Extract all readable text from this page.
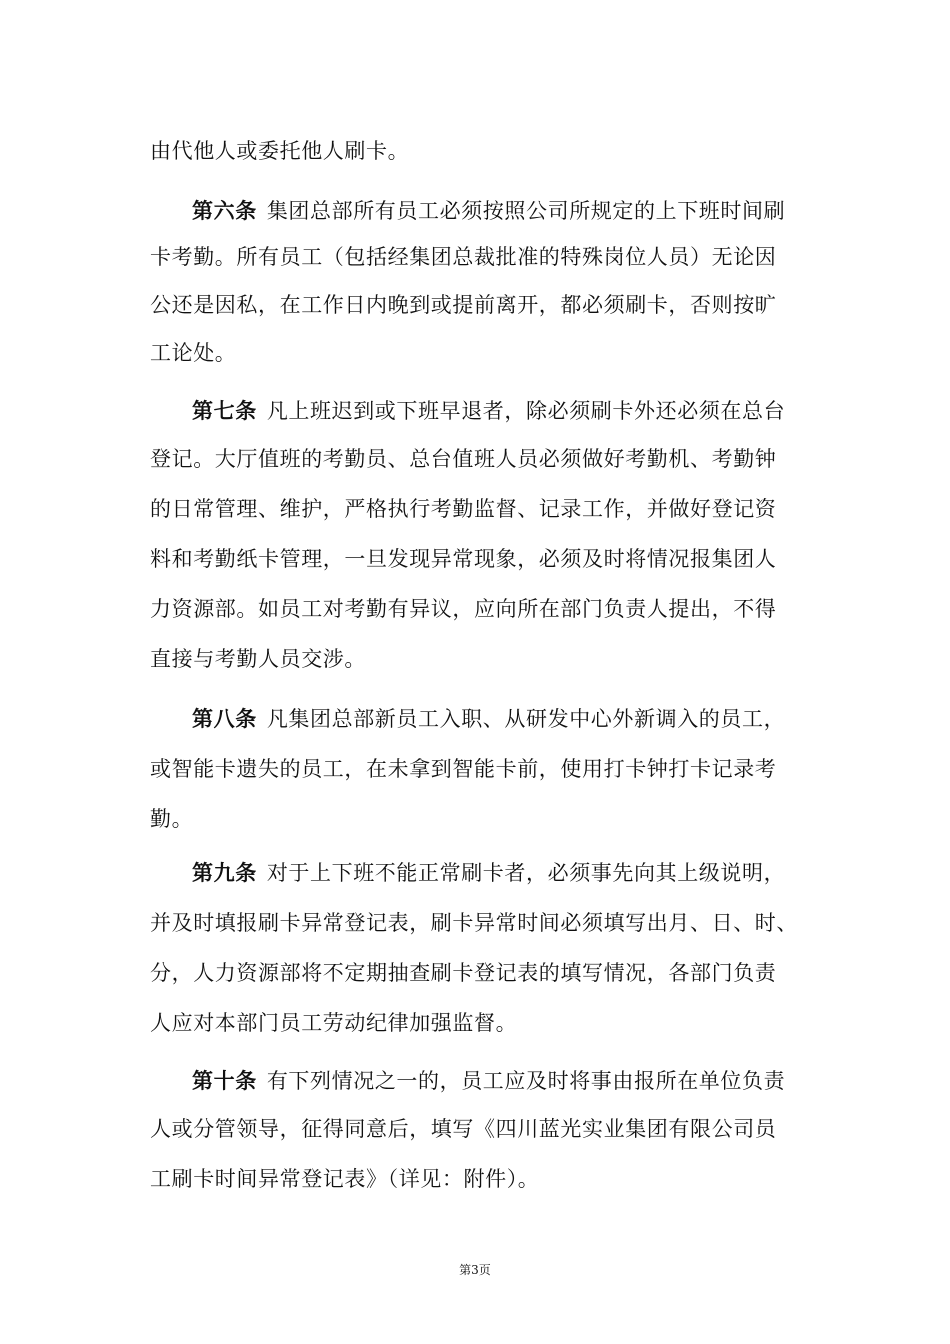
由代他人或委托他人刷卡。
第六条 集团总部所有员工必须按照公司所规定的上下班时间刷
卡考勤。所有员工（包括经集团总裁批准的特殊岗位人员）无论因
公还是因私，在工作日内晚到或提前离开，都必须刷卡，否则按旷
工论处。
第七条 凡上班迟到或下班早退者，除必须刷卡外还必须在总台
登记。大厅值班的考勤员、总台值班人员必须做好考勤机、考勤钟
的日常管理、维护，严格执行考勤监督、记录工作，并做好登记资
料和考勤纸卡管理，一旦发现异常现象，必须及时将情况报集团人
力资源部。如员工对考勤有异议，应向所在部门负责人提出，不得
直接与考勤人员交涉。
第八条 凡集团总部新员工入职、从研发中心外新调入的员工，
或智能卡遗失的员工，在未拿到智能卡前，使用打卡钟打卡记录考
勤。
第九条 对于上下班不能正常刷卡者，必须事先向其上级说明，
并及时填报刷卡异常登记表，刷卡异常时间必须填写出月、日、时、
分，人力资源部将不定期抽查刷卡登记表的填写情况，各部门负责
人应对本部门员工劳动纪律加强监督。
第十条 有下列情况之一的，员工应及时将事由报所在单位负责
人或分管领导，征得同意后，填写《四川蓝光实业集团有限公司员
工刷卡时间异常登记表》（详见：附件）。
第3页
